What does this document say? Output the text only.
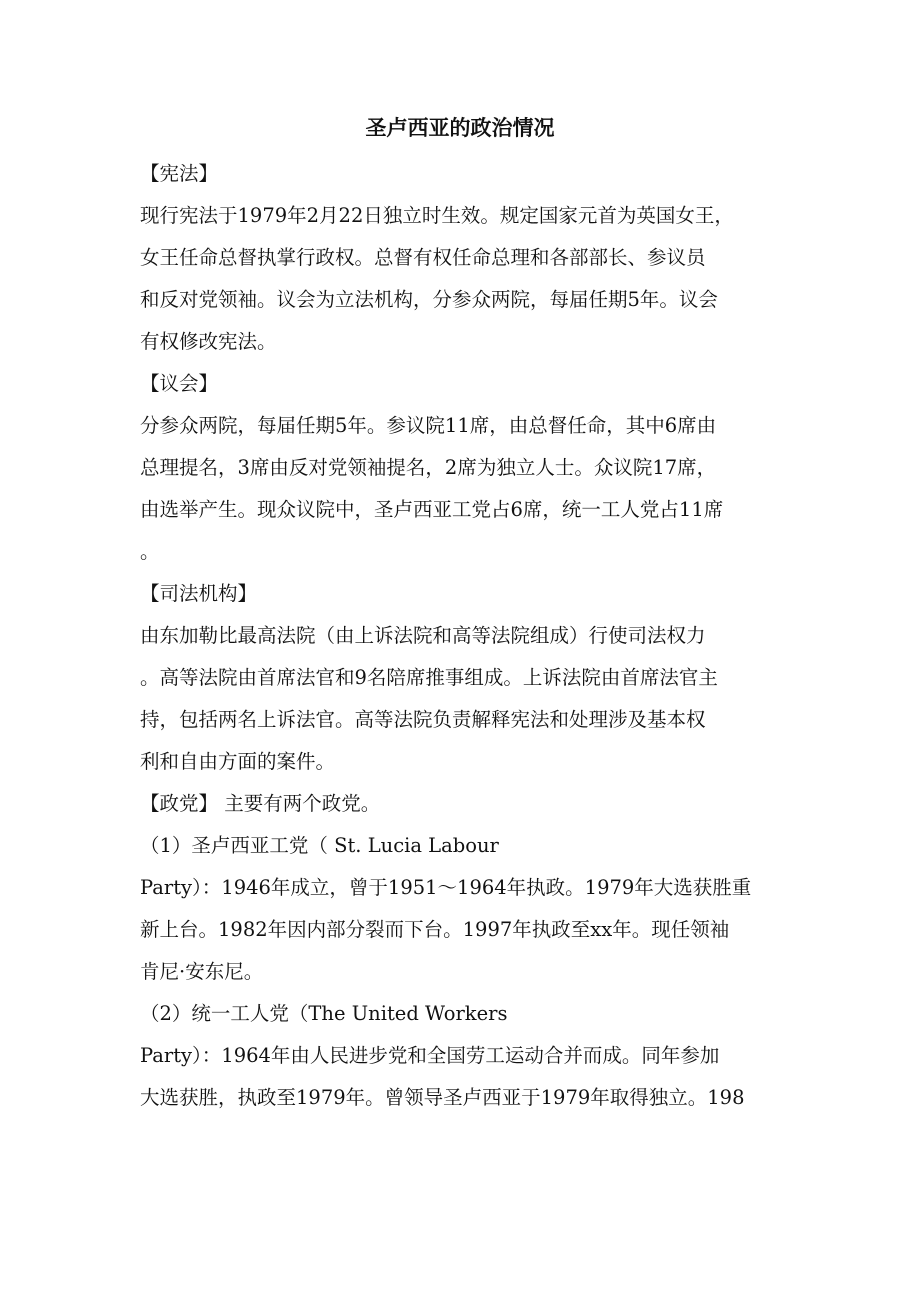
圣卢西亚的政治情况
【宪法】
现行宪法于1979年2月22日独立时生效。规定国家元首为英国女王，
女王任命总督执掌行政权。总督有权任命总理和各部部长、参议员
和反对党领袖。议会为立法机构，分参众两院，每届任期5年。议会
有权修改宪法。
【议会】
分参众两院，每届任期5年。参议院11席，由总督任命，其中6席由
总理提名，3席由反对党领袖提名，2席为独立人士。众议院17席，
由选举产生。现众议院中，圣卢西亚工党占6席，统一工人党占11席
。
【司法机构】
由东加勒比最高法院（由上诉法院和高等法院组成）行使司法权力
。高等法院由首席法官和9名陪席推事组成。上诉法院由首席法官主
持，包括两名上诉法官。高等法院负责解释宪法和处理涉及基本权
利和自由方面的案件。
【政党】 主要有两个政党。
（1）圣卢西亚工党（ St. Lucia Labour
Party）：1946年成立，曾于1951～1964年执政。1979年大选获胜重
新上台。1982年因内部分裂而下台。1997年执政至xx年。现任领袖
肯尼·安东尼。
（2）统一工人党（The United Workers
Party）：1964年由人民进步党和全国劳工运动合并而成。同年参加
大选获胜，执政至1979年。曾领导圣卢西亚于1979年取得独立。198
